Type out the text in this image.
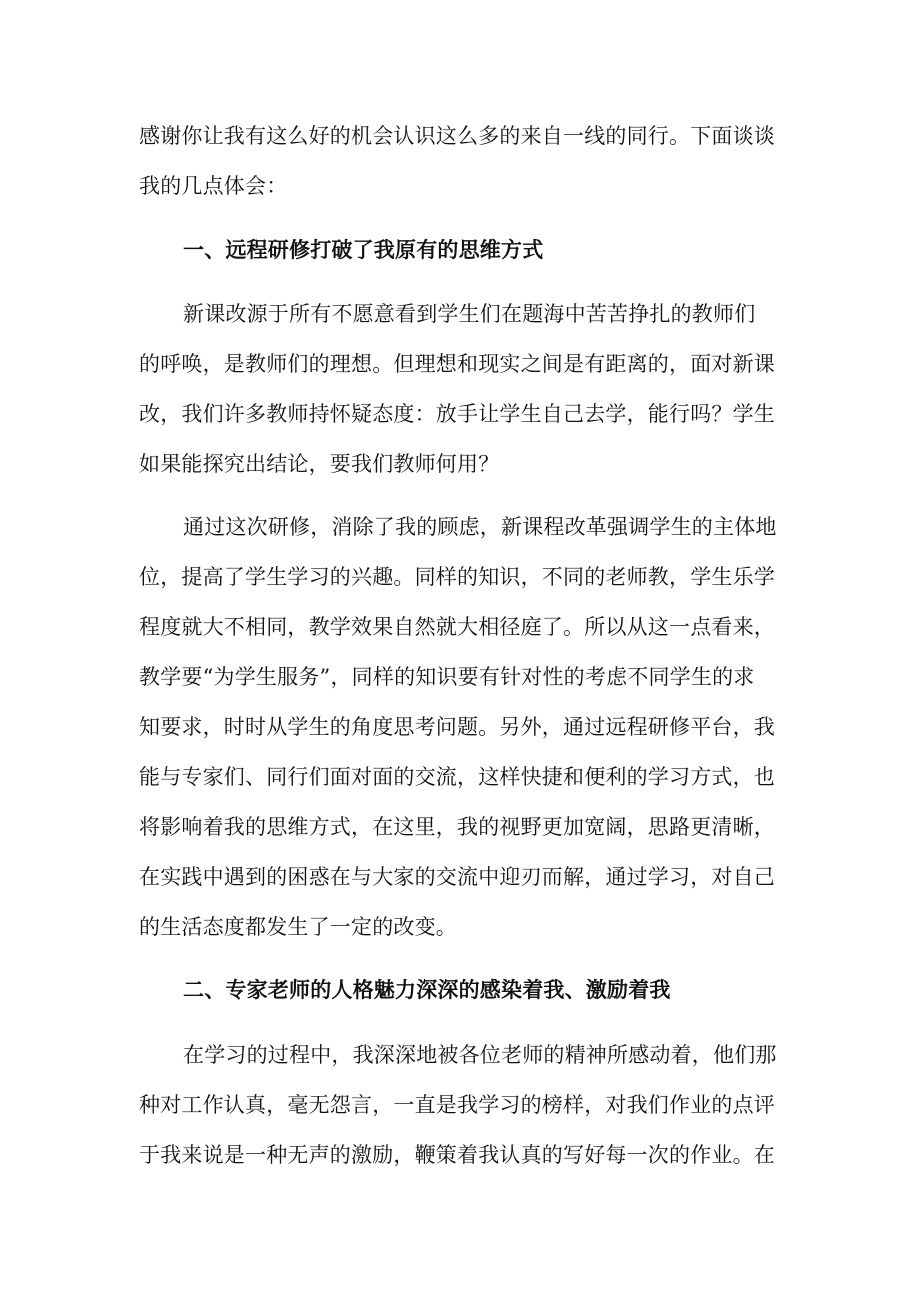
感谢你让我有这么好的机会认识这么多的来自一线的同行。下面谈谈
我的几点体会：
一、远程研修打破了我原有的思维方式
新课改源于所有不愿意看到学生们在题海中苦苦挣扎的教师们
的呼唤，是教师们的理想。但理想和现实之间是有距离的，面对新课
改，我们许多教师持怀疑态度：放手让学生自己去学，能行吗？学生
如果能探究出结论，要我们教师何用？
通过这次研修，消除了我的顾虑，新课程改革强调学生的主体地
位，提高了学生学习的兴趣。同样的知识，不同的老师教，学生乐学
程度就大不相同，教学效果自然就大相径庭了。所以从这一点看来，
教学要“为学生服务”，同样的知识要有针对性的考虑不同学生的求
知要求，时时从学生的角度思考问题。另外，通过远程研修平台，我
能与专家们、同行们面对面的交流，这样快捷和便利的学习方式，也
将影响着我的思维方式，在这里，我的视野更加宽阔，思路更清晰，
在实践中遇到的困惑在与大家的交流中迎刃而解，通过学习，对自己
的生活态度都发生了一定的改变。
二、专家老师的人格魅力深深的感染着我、激励着我
在学习的过程中，我深深地被各位老师的精神所感动着，他们那
种对工作认真，毫无怨言，一直是我学习的榜样，对我们作业的点评
于我来说是一种无声的激励，鞭策着我认真的写好每一次的作业。在
